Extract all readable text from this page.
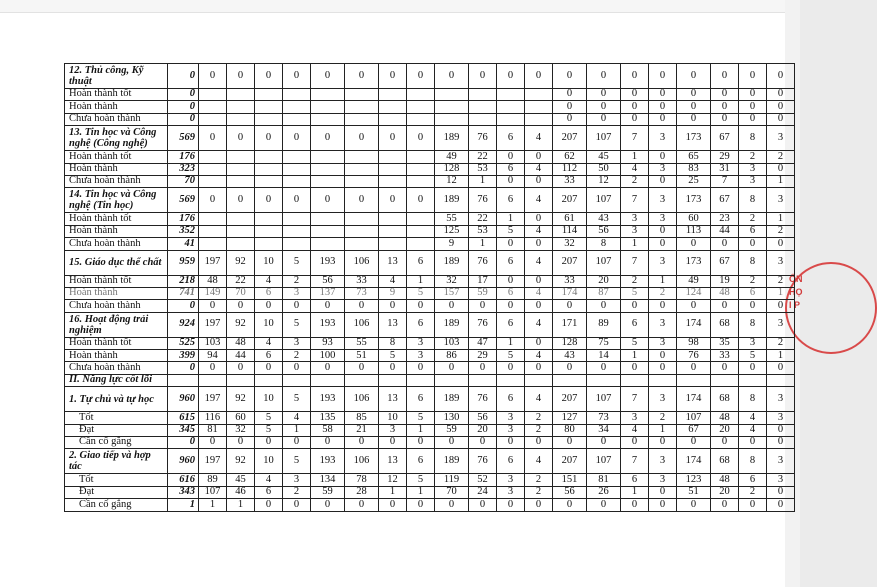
ỐN
HỌ
I P
12. Thủ công, Kỹ thuật	0	0	0	0	0	0	0	0	0	0	0	0	0	0	0	0	0	0	0	0	0
Hoàn thành tốt	0													0	0	0	0	0	0	0	0
Hoàn thành	0													0	0	0	0	0	0	0	0
Chưa hoàn thành	0													0	0	0	0	0	0	0	0
13. Tin học và Công nghệ (Công nghệ)	569	0	0	0	0	0	0	0	0	189	76	6	4	207	107	7	3	173	67	8	3
Hoàn thành tốt	176									49	22	0	0	62	45	1	0	65	29	2	2
Hoàn thành	323									128	53	6	4	112	50	4	3	83	31	3	0
Chưa hoàn thành	70									12	1	0	0	33	12	2	0	25	7	3	1
14. Tin học và Công nghệ (Tin học)	569	0	0	0	0	0	0	0	0	189	76	6	4	207	107	7	3	173	67	8	3
Hoàn thành tốt	176									55	22	1	0	61	43	3	3	60	23	2	1
Hoàn thành	352									125	53	5	4	114	56	3	0	113	44	6	2
Chưa hoàn thành	41									9	1	0	0	32	8	1	0	0	0	0	0
15. Giáo dục thể chất	959	197	92	10	5	193	106	13	6	189	76	6	4	207	107	7	3	173	67	8	3
Hoàn thành tốt	218	48	22	4	2	56	33	4	1	32	17	0	0	33	20	2	1	49	19	2	2
Hoàn thành	741	149	70	6	3	137	73	9	5	157	59	6	4	174	87	5	2	124	48	6	1
Chưa hoàn thành	0	0	0	0	0	0	0	0	0	0	0	0	0	0	0	0	0	0	0	0	0
16. Hoạt động trải nghiệm	924	197	92	10	5	193	106	13	6	189	76	6	4	171	89	6	3	174	68	8	3
Hoàn thành tốt	525	103	48	4	3	93	55	8	3	103	47	1	0	128	75	5	3	98	35	3	2
Hoàn thành	399	94	44	6	2	100	51	5	3	86	29	5	4	43	14	1	0	76	33	5	1
Chưa hoàn thành	0	0	0	0	0	0	0	0	0	0	0	0	0	0	0	0	0	0	0	0	0
II. Năng lực cốt lõi																					
1. Tự chủ và tự học	960	197	92	10	5	193	106	13	6	189	76	6	4	207	107	7	3	174	68	8	3
Tốt	615	116	60	5	4	135	85	10	5	130	56	3	2	127	73	3	2	107	48	4	3
Đạt	345	81	32	5	1	58	21	3	1	59	20	3	2	80	34	4	1	67	20	4	0
Cần cố gắng	0	0	0	0	0	0	0	0	0	0	0	0	0	0	0	0	0	0	0	0	0
2. Giao tiếp và hợp tác	960	197	92	10	5	193	106	13	6	189	76	6	4	207	107	7	3	174	68	8	3
Tốt	616	89	45	4	3	134	78	12	5	119	52	3	2	151	81	6	3	123	48	6	3
Đạt	343	107	46	6	2	59	28	1	1	70	24	3	2	56	26	1	0	51	20	2	0
Cần cố gắng	1	1	1	0	0	0	0	0	0	0	0	0	0	0	0	0	0	0	0	0	0
